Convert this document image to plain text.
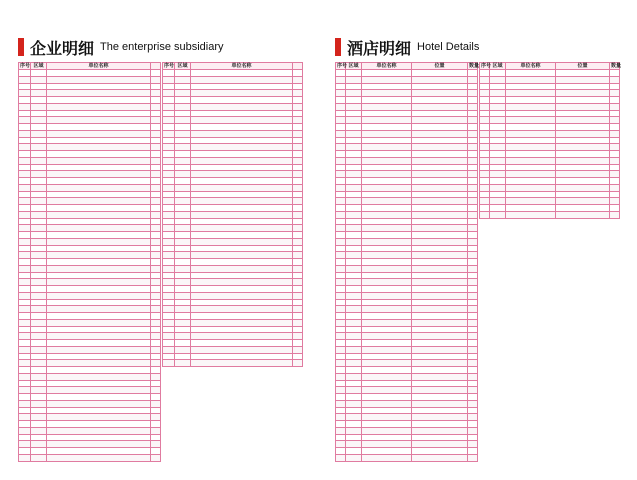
企业明细 The enterprise subsidiary	酒店明细 Hotel Details
序号	区域	单位名称	

				序号	区域	单位名称	

				序号	区域	单位名称	位置	数量

				序号	区域	单位名称	位置	数量
